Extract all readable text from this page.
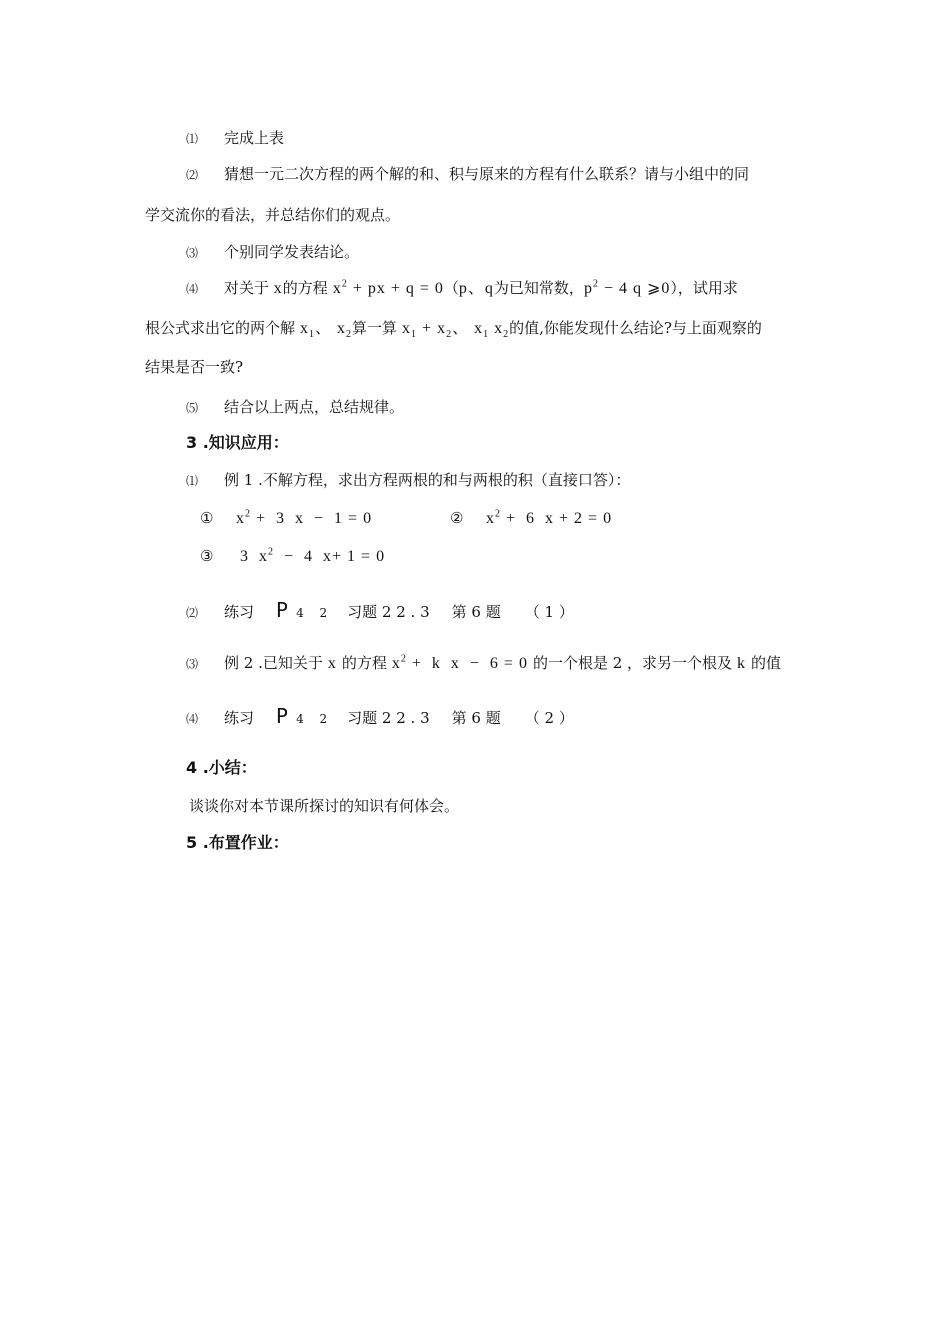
⑴ 完成上表
⑵ 猜想一元二次方程的两个解的和、积与原来的方程有什么联系？请与小组中的同
学交流你的看法，并总结你们的观点。
⑶ 个别同学发表结论。
⑷ 对关于 x的方程 $x^2$ + px + q = 0（p、q为已知常数，$p^2 - 4$ q ⩾0），试用求
根公式求出它的两个解 $x_1$、 $x_2$算一算 $x_1 + x_2$、 $x_1$ $x_2$的值,你能发现什么结论?与上面观察的
结果是否一致?
⑸ 结合以上两点，总结规律。
3 .知识应用：
⑴ 例 1 .不解方程，求出方程两根的和与两根的积（直接口答）：
① $x^2 + 3$  x  −  1 = 0	② $x^2 + 6$  x + 2 = 0
③ 3  $x^2 - 4$  x+ 1 = 0
⑵ 练习 P 4 2 习题 2 2 . 3 第 6 题 （ 1 ）
⑶ 例 2 .已知关于 x 的方程 $x^2 + k$  x  −  6 = 0 的一个根是 2 ，求另一个根及 k 的值
⑷ 练习 P 4 2 习题 2 2 . 3 第 6 题 （ 2 ）
4 .小结：
谈谈你对本节课所探讨的知识有何体会。
5 .布置作业：
